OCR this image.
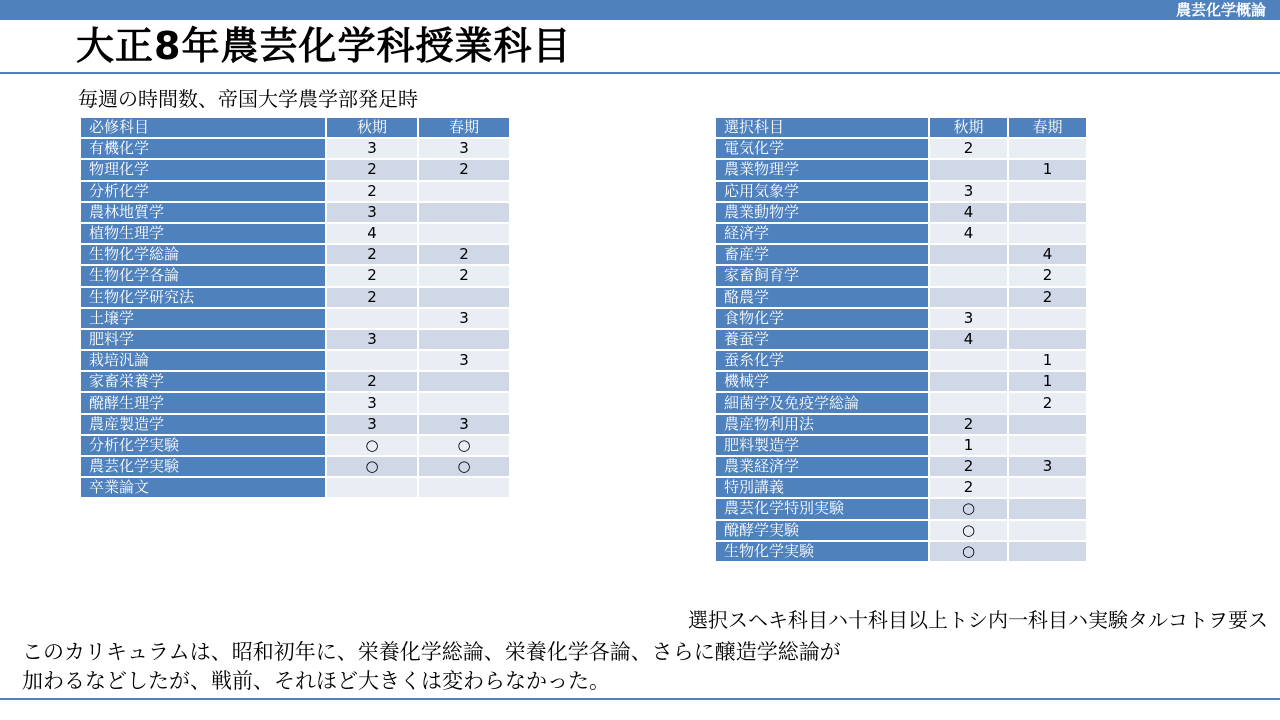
農芸化学概論
大正8年農芸化学科授業科目
毎週の時間数、帝国大学農学部発足時
必修科目	秋期	春期
有機化学	3	3
物理化学	2	2
分析化学	2	
農林地質学	3	
植物生理学	4	
生物化学総論	2	2
生物化学各論	2	2
生物化学研究法	2	
土壌学		3
肥料学	3	
栽培汎論		3
家畜栄養学	2	
醗酵生理学	3	
農産製造学	3	3
分析化学実験	○	○
農芸化学実験	○	○
卒業論文		
選択科目	秋期	春期
電気化学	2	
農業物理学		1
応用気象学	3	
農業動物学	4	
経済学	4	
畜産学		4
家畜飼育学		2
酪農学		2
食物化学	3	
養蚕学	4	
蚕糸化学		1
機械学		1
細菌学及免疫学総論		2
農産物利用法	2	
肥料製造学	1	
農業経済学	2	3
特別講義	2	
農芸化学特別実験	○	
醗酵学実験	○	
生物化学実験	○	
選択スヘキ科目ハ十科目以上トシ内一科目ハ実験タルコトヲ要ス
このカリキュラムは、昭和初年に、栄養化学総論、栄養化学各論、さらに醸造学総論が
加わるなどしたが、戦前、それほど大きくは変わらなかった。
